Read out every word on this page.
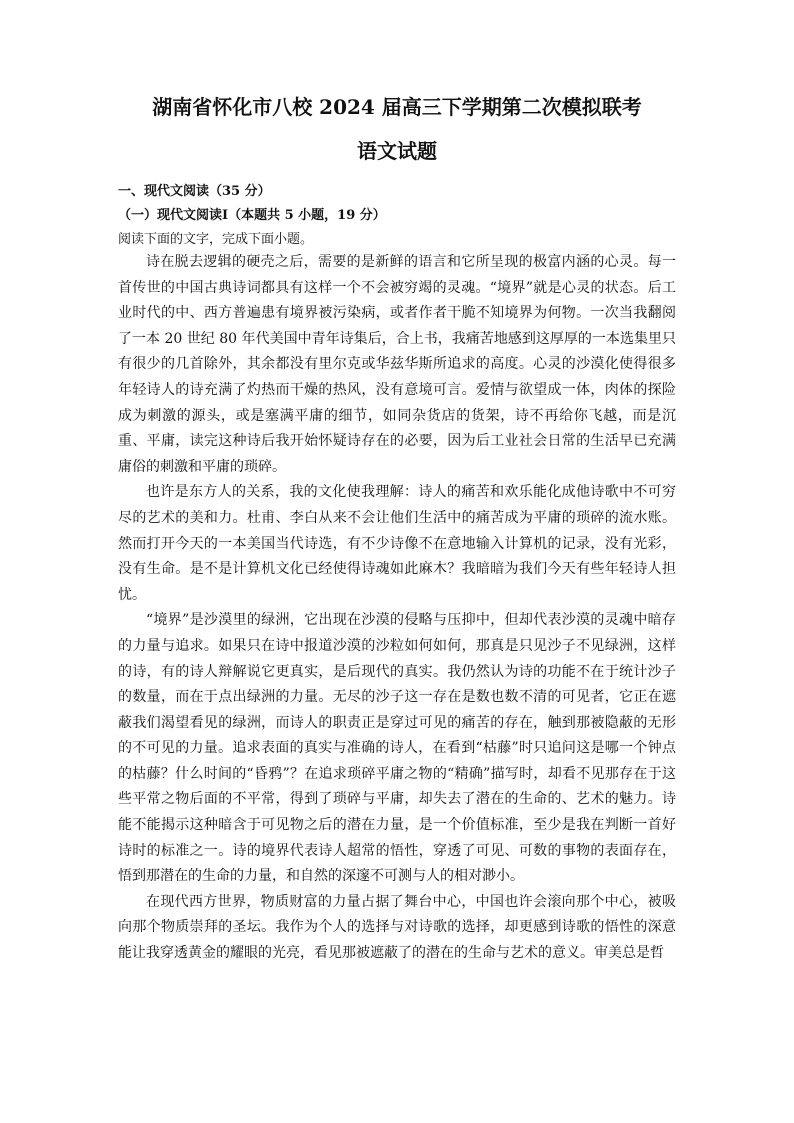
湖南省怀化市八校 2024 届高三下学期第二次模拟联考
语文试题
一、现代文阅读（35 分）
（一）现代文阅读Ⅰ（本题共 5 小题，19 分）
阅读下面的文字，完成下面小题。

诗在脱去逻辑的硬壳之后，需要的是新鲜的语言和它所呈现的极富内涵的心灵。每一首传世的中国古典诗词都具有这样一个不会被穷竭的灵魂。“境界”就是心灵的状态。后工业时代的中、西方普遍患有境界被污染病，或者作者干脆不知境界为何物。一次当我翻阅了一本 20 世纪 80 年代美国中青年诗集后，合上书，我痛苦地感到这厚厚的一本选集里只有很少的几首除外，其余都没有里尔克或华兹华斯所追求的高度。心灵的沙漠化使得很多年轻诗人的诗充满了灼热而干燥的热风，没有意境可言。爱情与欲望成一体，肉体的探险成为刺激的源头，或是塞满平庸的细节，如同杂货店的货架，诗不再给你飞越，而是沉重、平庸，读完这种诗后我开始怀疑诗存在的必要，因为后工业社会日常的生活早已充满庸俗的刺激和平庸的琐碎。

也许是东方人的关系，我的文化使我理解：诗人的痛苦和欢乐能化成他诗歌中不可穷尽的艺术的美和力。杜甫、李白从来不会让他们生活中的痛苦成为平庸的琐碎的流水账。然而打开今天的一本美国当代诗选，有不少诗像不在意地输入计算机的记录，没有光彩，没有生命。是不是计算机文化已经使得诗魂如此麻木？我暗暗为我们今天有些年轻诗人担忧。

“境界”是沙漠里的绿洲，它出现在沙漠的侵略与压抑中，但却代表沙漠的灵魂中暗存的力量与追求。如果只在诗中报道沙漠的沙粒如何如何，那真是只见沙子不见绿洲，这样的诗，有的诗人辩解说它更真实，是后现代的真实。我仍然认为诗的功能不在于统计沙子的数量，而在于点出绿洲的力量。无尽的沙子这一存在是数也数不清的可见者，它正在遮蔽我们渴望看见的绿洲，而诗人的职责正是穿过可见的痛苦的存在，触到那被隐蔽的无形的不可见的力量。追求表面的真实与准确的诗人，在看到“枯藤”时只追问这是哪一个钟点的枯藤？什么时间的“昏鸦”？在追求琐碎平庸之物的“精确”描写时，却看不见那存在于这些平常之物后面的不平常，得到了琐碎与平庸，却失去了潜在的生命的、艺术的魅力。诗能不能揭示这种暗含于可见物之后的潜在力量，是一个价值标准，至少是我在判断一首好诗时的标准之一。诗的境界代表诗人超常的悟性，穿透了可见、可数的事物的表面存在，悟到那潜在的生命的力量，和自然的深邃不可测与人的相对渺小。

在现代西方世界，物质财富的力量占据了舞台中心，中国也许会滚向那个中心，被吸向那个物质崇拜的圣坛。我作为个人的选择与对诗歌的选择，却更感到诗歌的悟性的深意能让我穿透黄金的耀眼的光亮，看见那被遮蔽了的潜在的生命与艺术的意义。审美总是哲
